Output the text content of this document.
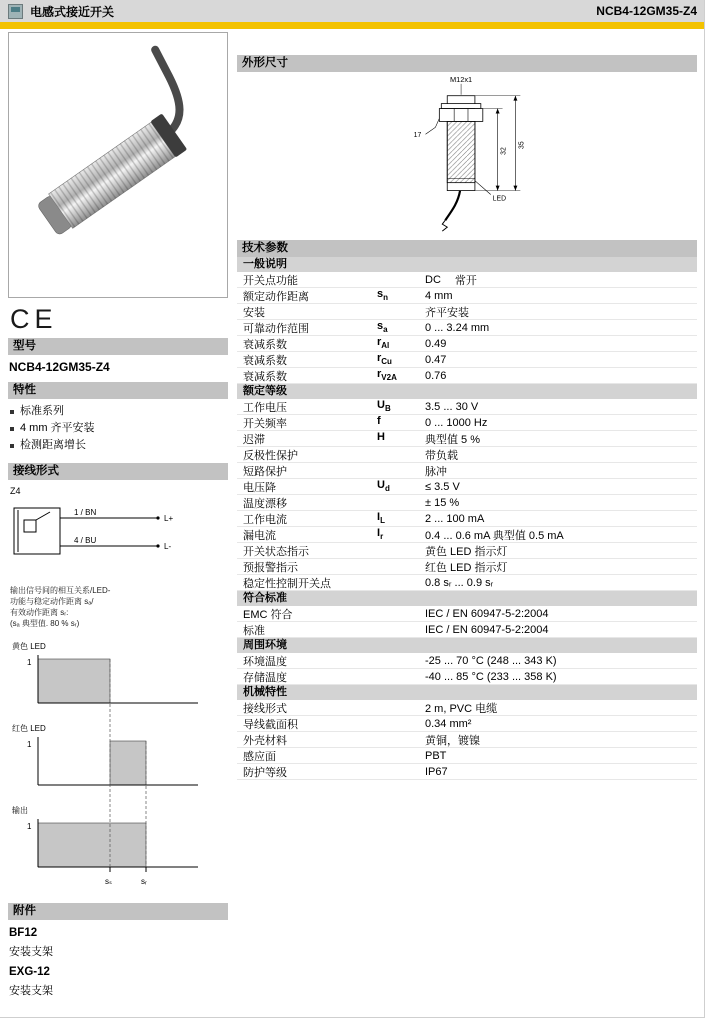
电感式接近开关	NCB4-12GM35-Z4
CE
型号
NCB4-12GM35-Z4
特性
标准系列
4 mm 齐平安装
检测距离增长
接线形式
Z4
1 / BN
4 / BU
L+
L-
输出信号间的相互关系/LED-
功能与稳定动作距离 sₐ/
有效动作距离 sᵣ:
(sₐ 典型值. 80 % sᵣ)
黄色 LED
1
红色 LED
1
输出
1
sₛ	sᵣ
附件
BF12
安装支架
EXG-12
安装支架
外形尺寸
M12x1
32
35
17
LED
技术参数
一般说明
开关点功能	DC 常开
额定动作距离	$s_n$	4 mm
安装	齐平安装
可靠动作范围	$s_a$	0 ... 3.24 mm
衰减系数	$r_{Al}$	0.49
衰减系数	$r_{Cu}$	0.47
衰减系数	$r_{V2A}$	0.76
额定等级
工作电压	$U_B$	3.5 ... 30 V
开关频率	f	0 ... 1000 Hz
迟滞	H	典型值 5 %
反极性保护	带负载
短路保护	脉冲
电压降	$U_d$	≤ 3.5 V
温度漂移	± 15 %
工作电流	$I_L$	2 ... 100 mA
漏电流	$I_r$	0.4 ... 0.6 mA 典型值 0.5 mA
开关状态指示	黄色 LED 指示灯
预报警指示	红色 LED 指示灯
稳定性控制开关点	0.8 sᵣ ... 0.9 sᵣ
符合标准
EMC 符合	IEC / EN 60947-5-2:2004
标准	IEC / EN 60947-5-2:2004
周围环境
环境温度	-25 ... 70 °C (248 ... 343 K)
存储温度	-40 ... 85 °C (233 ... 358 K)
机械特性
接线形式	2 m, PVC 电缆
导线截面积	0.34 mm²
外壳材料	黄铜，镀镍
感应面	PBT
防护等级	IP67
